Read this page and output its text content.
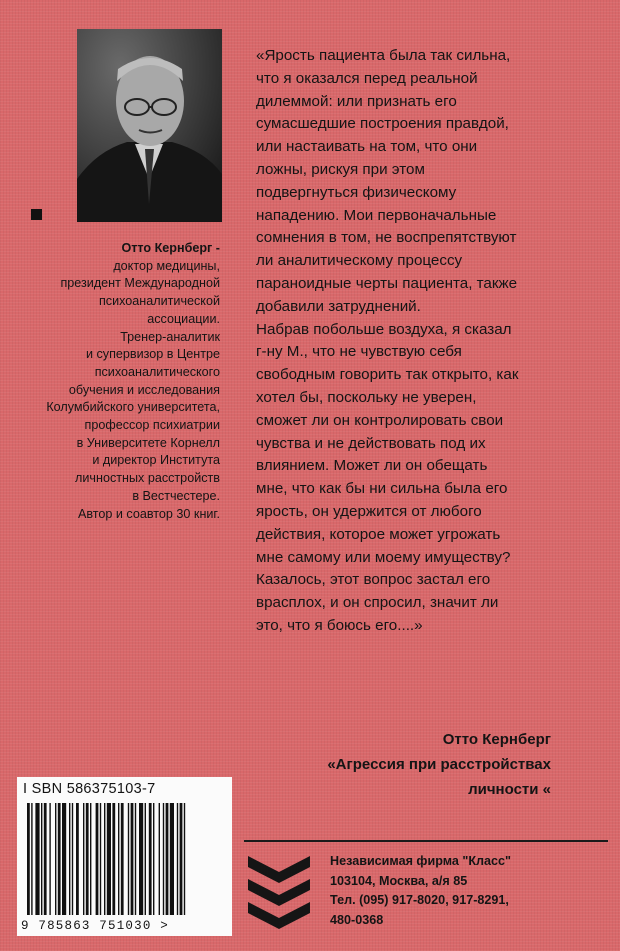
Отто Кернберг -
доктор медицины,
президент Международной
психоаналитической
ассоциации.
Тренер-аналитик
и супервизор в Центре
психоаналитического
обучения и исследования
Колумбийского университета,
профессор психиатрии
в Университете Корнелл
и директор Института
личностных расстройств
в Вестчестере.
Автор и соавтор 30 книг.

«Ярость пациента была так сильна,

что я оказался перед реальной

дилеммой: или признать его

сумасшедшие построения правдой,

или настаивать на том, что они

ложны, рискуя при этом

подвергнуться физическому

нападению. Мои первоначальные

сомнения в том, не воспрепятствуют

ли аналитическому процессу

параноидные черты пациента, также

добавили затруднений.

Набрав побольше воздуха, я сказал

г-ну М., что не чувствую себя

свободным говорить так открыто, как

хотел бы, поскольку не уверен,

сможет ли он контролировать свои

чувства и не действовать под их

влиянием. Может ли он обещать

мне, что как бы ни сильна была его

ярость, он удержится от любого

действия, которое может угрожать

мне самому или моему имуществу?

Казалось, этот вопрос застал его

врасплох, и он спросил, значит ли

это, что я боюсь его....»

Отто Кернберг
«Агрессия при расстройствах
личности «
I SBN 586375103-7
9 785863 751030 >

Независимая фирма "Класс"

103104, Москва, а/я 85

Тел. (095) 917-8020, 917-8291,

480-0368
